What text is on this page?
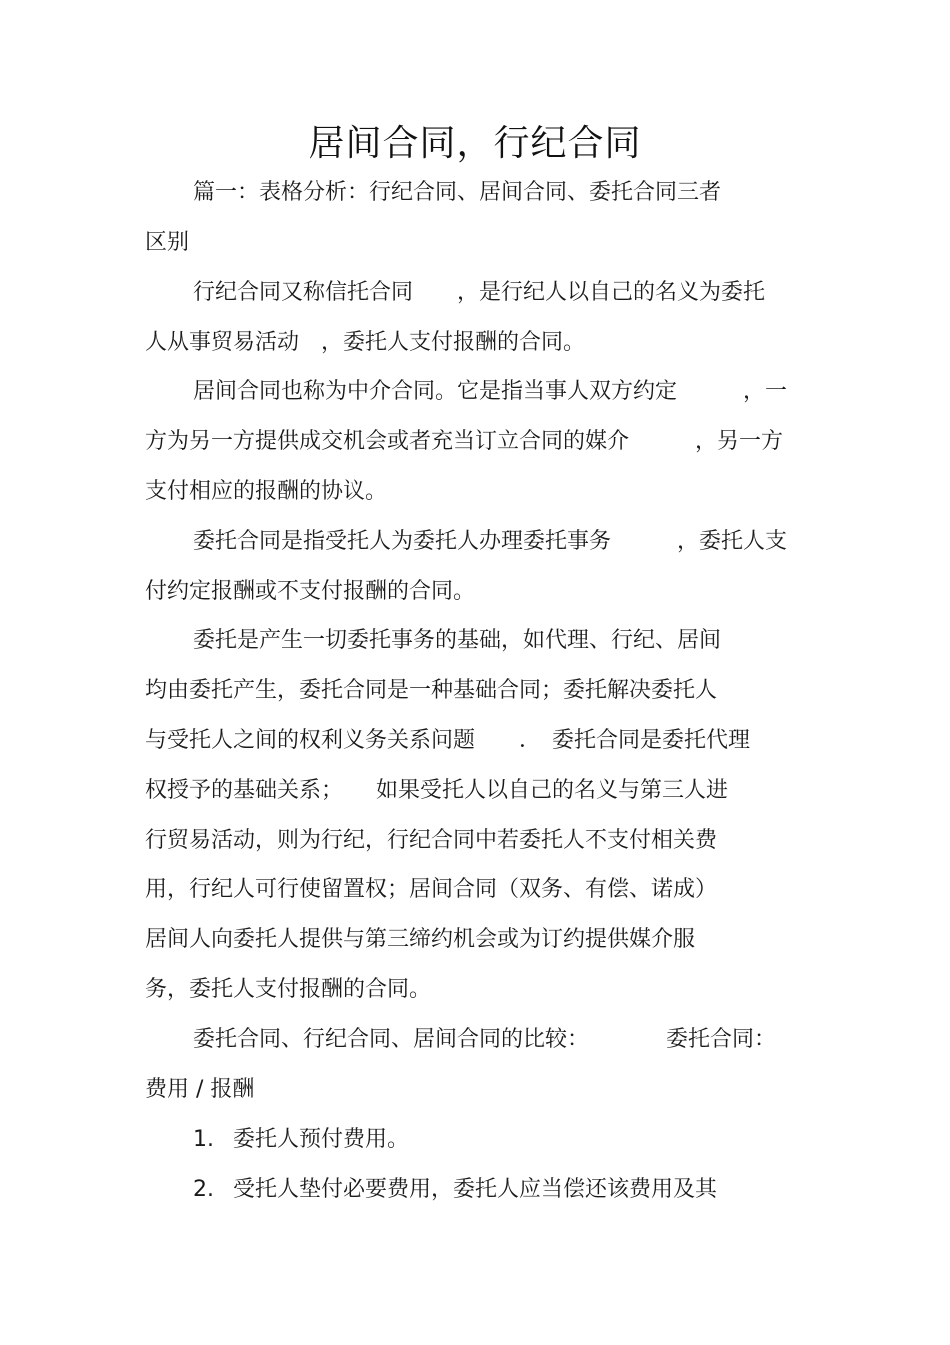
居间合同，行纪合同
篇一：表格分析：行纪合同、居间合同、委托合同三者
区别
行纪合同又称信托合同　　，是行纪人以自己的名义为委托
人从事贸易活动　，委托人支付报酬的合同。
居间合同也称为中介合同。它是指当事人双方约定　　　，一
方为另一方提供成交机会或者充当订立合同的媒介　　　，另一方
支付相应的报酬的协议。
委托合同是指受托人为委托人办理委托事务　　　，委托人支
付约定报酬或不支付报酬的合同。
委托是产生一切委托事务的基础，如代理、行纪、居间
均由委托产生，委托合同是一种基础合同；委托解决委托人
与受托人之间的权利义务关系问题　　．　委托合同是委托代理
权授予的基础关系；　　如果受托人以自己的名义与第三人进
行贸易活动，则为行纪，行纪合同中若委托人不支付相关费
用，行纪人可行使留置权；居间合同（双务、有偿、诺成）
居间人向委托人提供与第三缔约机会或为订约提供媒介服
务，委托人支付报酬的合同。
委托合同、行纪合同、居间合同的比较：　　　　委托合同：
费用 / 报酬
1. 委托人预付费用。
2. 受托人垫付必要费用，委托人应当偿还该费用及其
